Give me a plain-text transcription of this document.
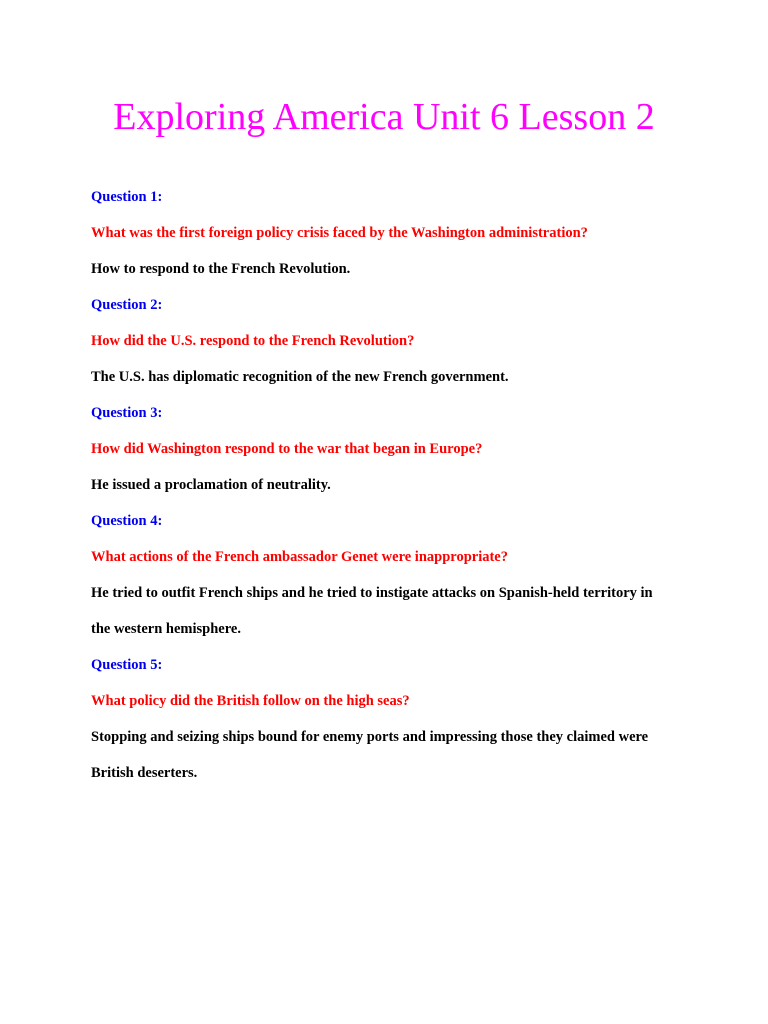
Exploring America Unit 6 Lesson 2

Question 1:

What was the first foreign policy crisis faced by the Washington administration?

How to respond to the French Revolution.

Question 2:

How did the U.S. respond to the French Revolution?

The U.S. has diplomatic recognition of the new French government.

Question 3:

How did Washington respond to the war that began in Europe?

He issued a proclamation of neutrality.

Question 4:

What actions of the French ambassador Genet were inappropriate?

He tried to outfit French ships and he tried to instigate attacks on Spanish-held territory in

the western hemisphere.

Question 5:

What policy did the British follow on the high seas?

Stopping and seizing ships bound for enemy ports and impressing those they claimed were

British deserters.
